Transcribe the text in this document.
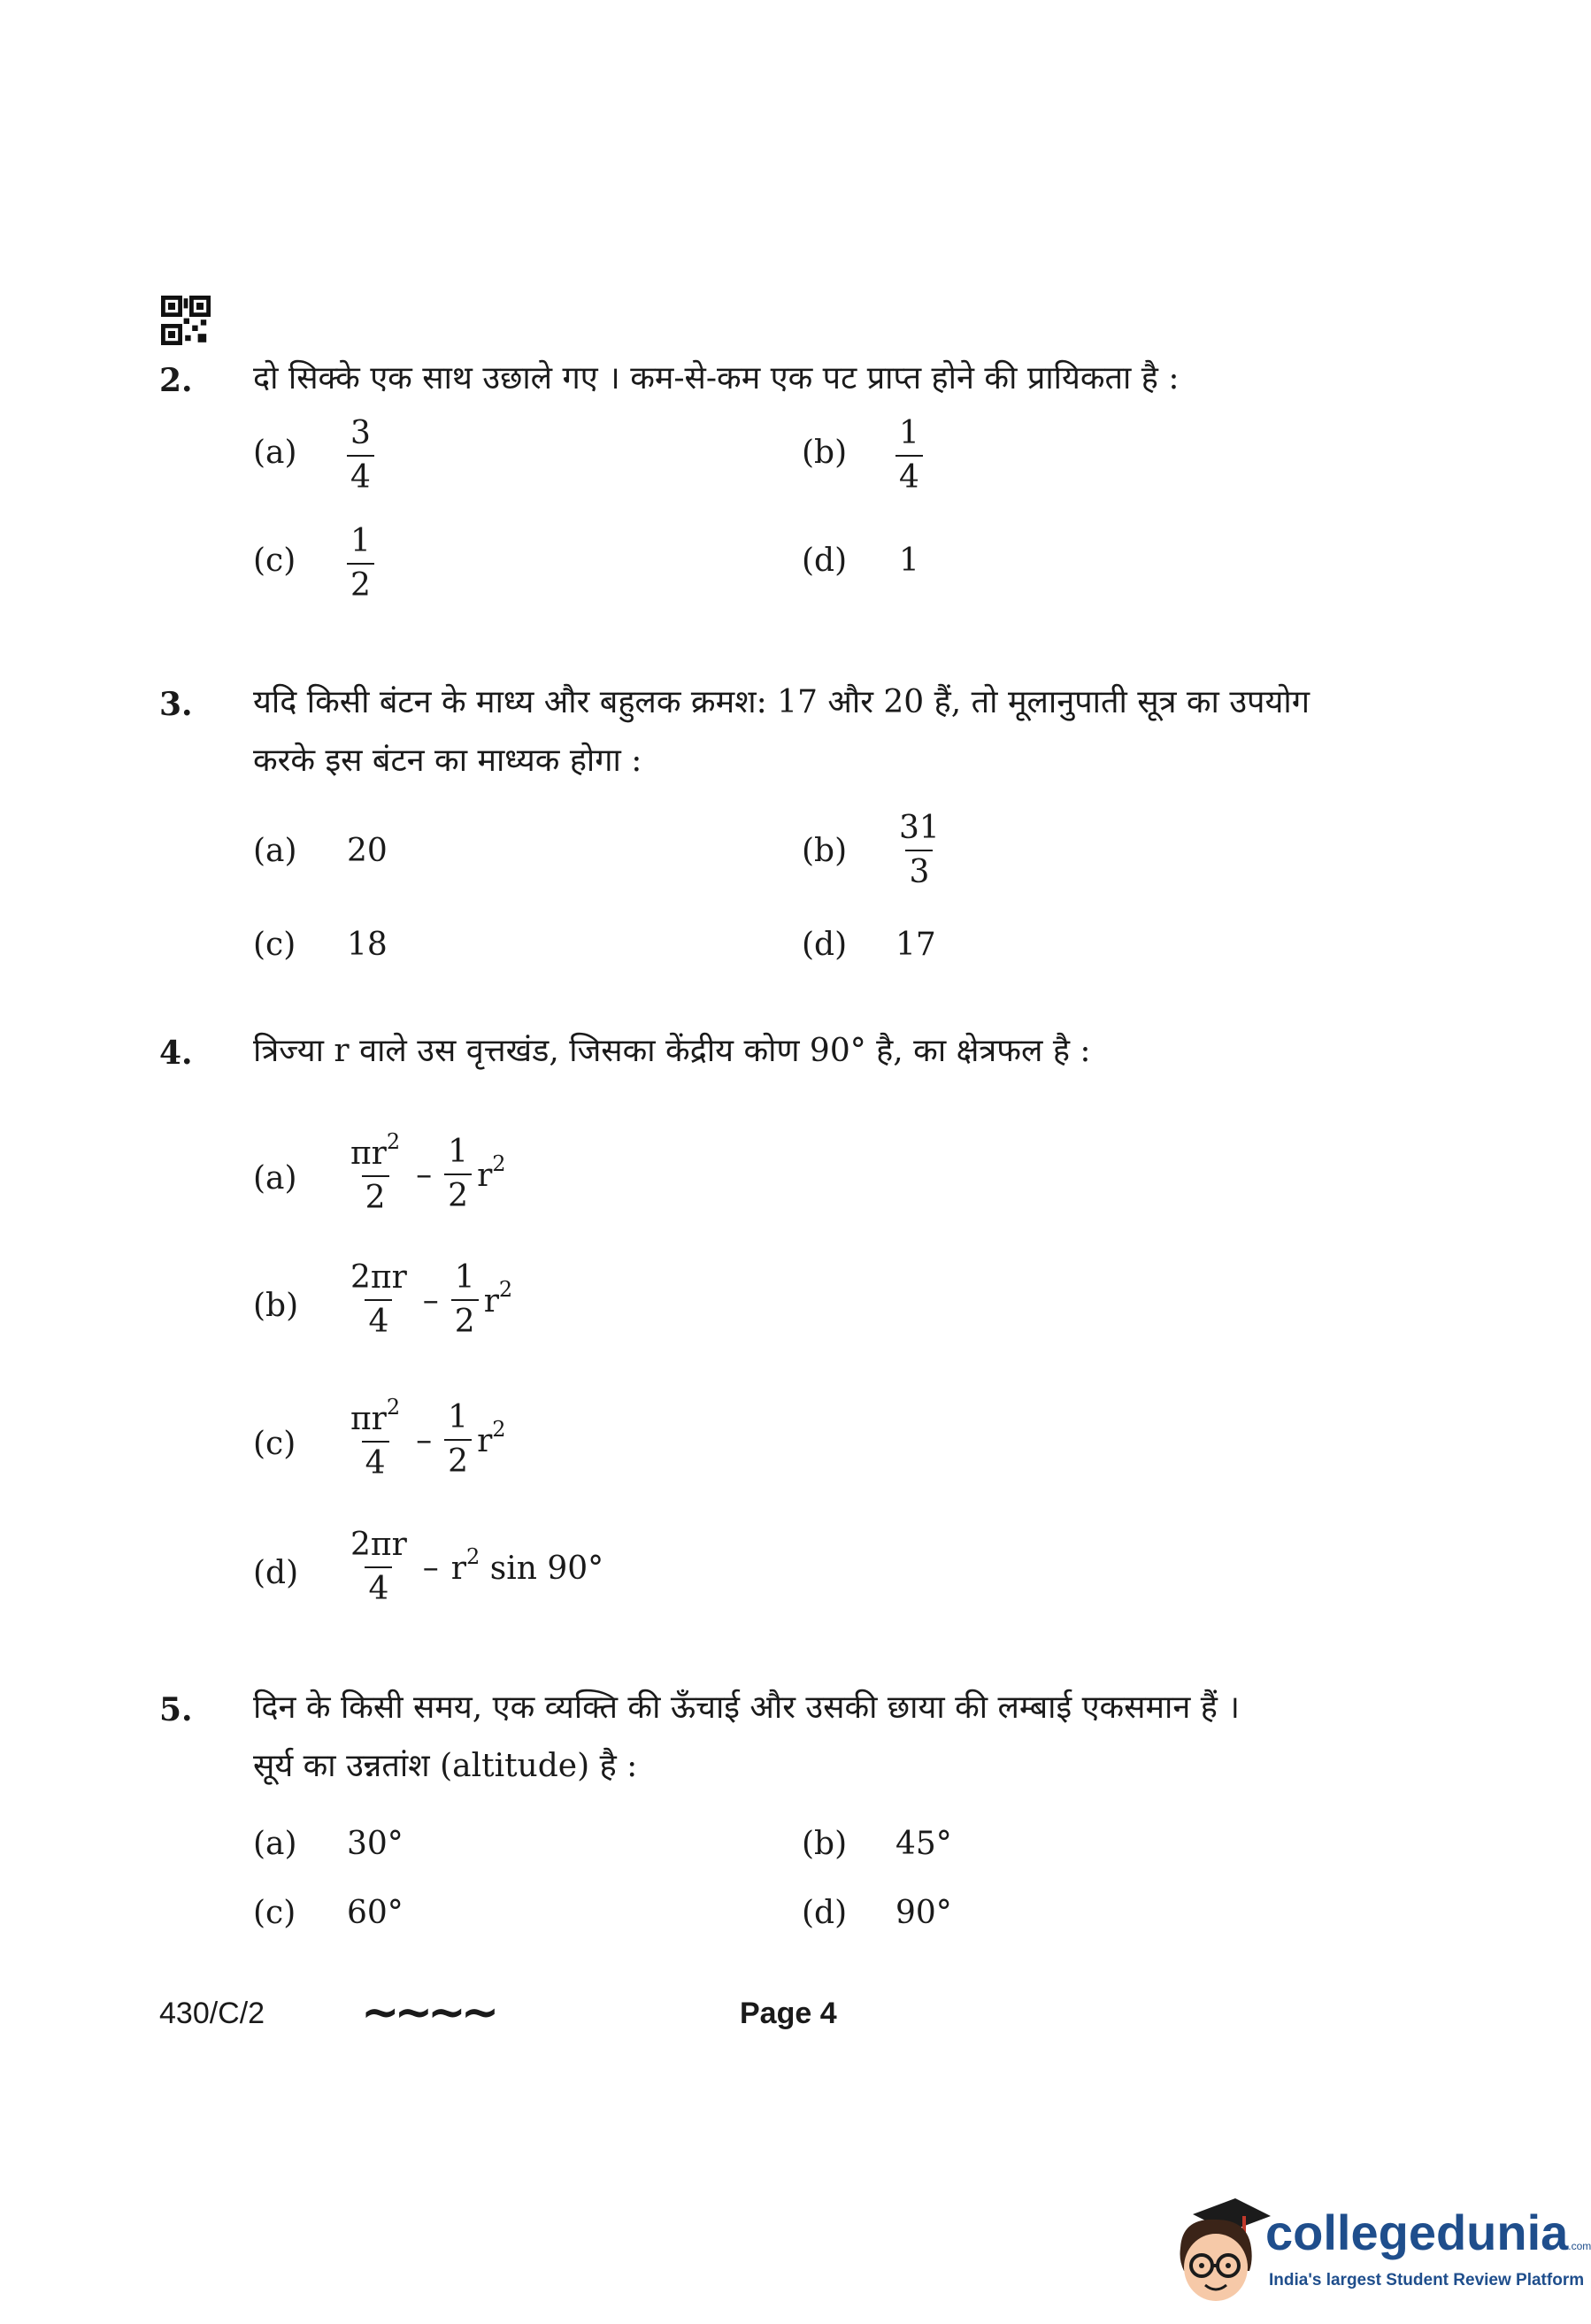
2. दो सिक्के एक साथ उछाले गए । कम-से-कम एक पट प्राप्त होने की प्रायिकता है :
$(a) \frac{3}{4}$	$(b) \frac{1}{4}$
$(c) \frac{1}{2}$	(d) 1
3. यदि किसी बंटन के माध्य और बहुलक क्रमश: 17 और 20 हैं, तो मूलानुपाती सूत्र का उपयोग
करके इस बंटन का माध्यक होगा :
(a) 20	$(b) \frac{31}{3}$
(c) 18	(d) 17
4. त्रिज्या r वाले उस वृत्तखंड, जिसका केंद्रीय कोण 90° है, का क्षेत्रफल है :
$(a) \frac{\pi r^2}{2} - \frac{1}{2} r^2$
$(b) \frac{2\pi r}{4} - \frac{1}{2} r^2$
$(c) \frac{\pi r^2}{4} - \frac{1}{2} r^2$
$(d) \frac{2\pi r}{4} - r^2$ sin 90°
5. दिन के किसी समय, एक व्यक्ति की ऊँचाई और उसकी छाया की लम्बाई एकसमान हैं ।
सूर्य का उन्नतांश (altitude) है :
(a) 30°	(b) 45°
(c) 60°	(d) 90°
430/C/2 ~~~~	Page 4
collegedunia.com
India's largest Student Review Platform
